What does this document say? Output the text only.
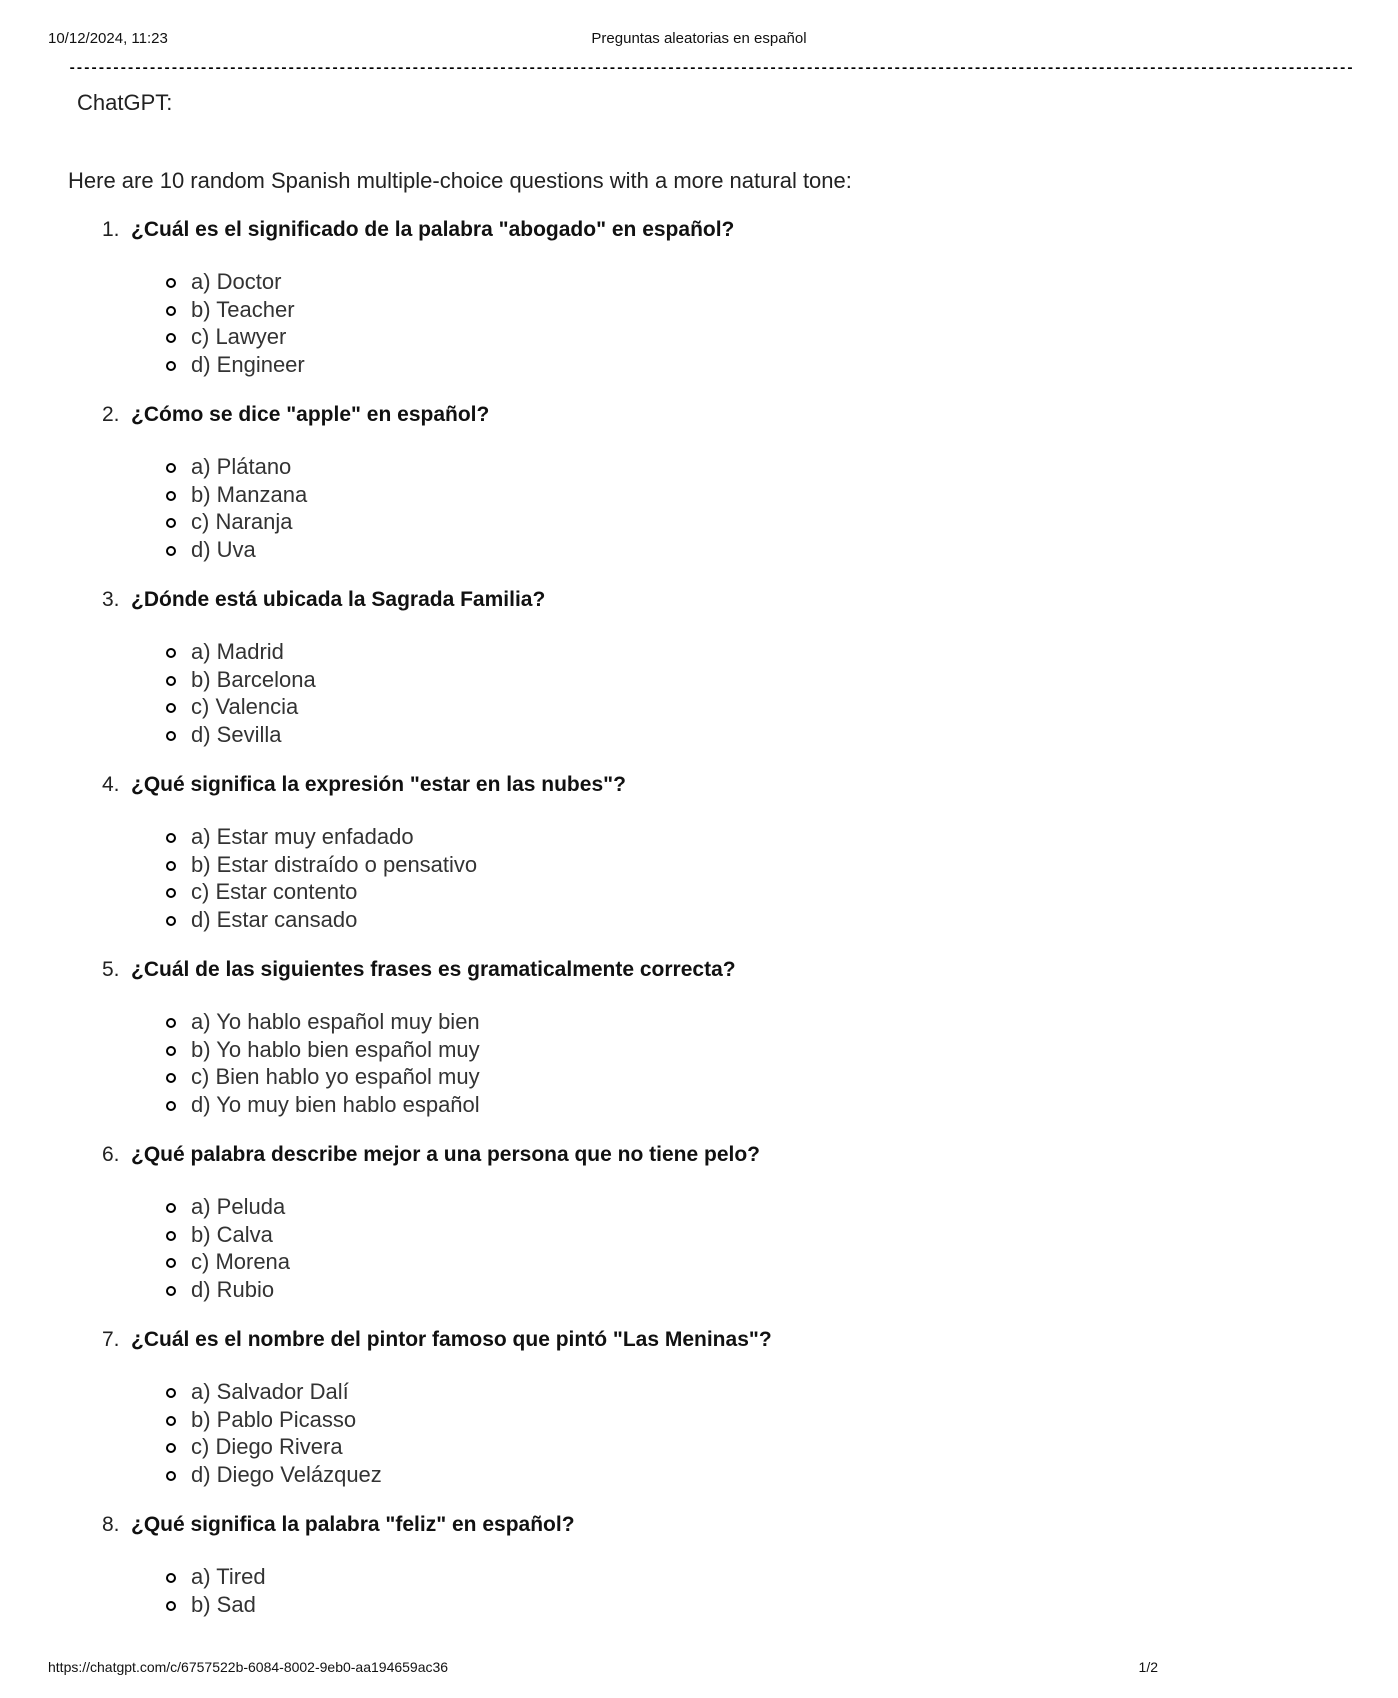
10/12/2024, 11:23	Preguntas aleatorias en español
--------------------------------------------------------------------------------------------------------------------------------------------------------------------------------
ChatGPT:
Here are 10 random Spanish multiple-choice questions with a more natural tone:
1. ¿Cuál es el significado de la palabra "abogado" en español?
a) Doctor
b) Teacher
c) Lawyer
d) Engineer
2. ¿Cómo se dice "apple" en español?
a) Plátano
b) Manzana
c) Naranja
d) Uva
3. ¿Dónde está ubicada la Sagrada Familia?
a) Madrid
b) Barcelona
c) Valencia
d) Sevilla
4. ¿Qué significa la expresión "estar en las nubes"?
a) Estar muy enfadado
b) Estar distraído o pensativo
c) Estar contento
d) Estar cansado
5. ¿Cuál de las siguientes frases es gramaticalmente correcta?
a) Yo hablo español muy bien
b) Yo hablo bien español muy
c) Bien hablo yo español muy
d) Yo muy bien hablo español
6. ¿Qué palabra describe mejor a una persona que no tiene pelo?
a) Peluda
b) Calva
c) Morena
d) Rubio
7. ¿Cuál es el nombre del pintor famoso que pintó "Las Meninas"?
a) Salvador Dalí
b) Pablo Picasso
c) Diego Rivera
d) Diego Velázquez
8. ¿Qué significa la palabra "feliz" en español?
a) Tired
b) Sad
https://chatgpt.com/c/6757522b-6084-8002-9eb0-aa194659ac36	1/2
